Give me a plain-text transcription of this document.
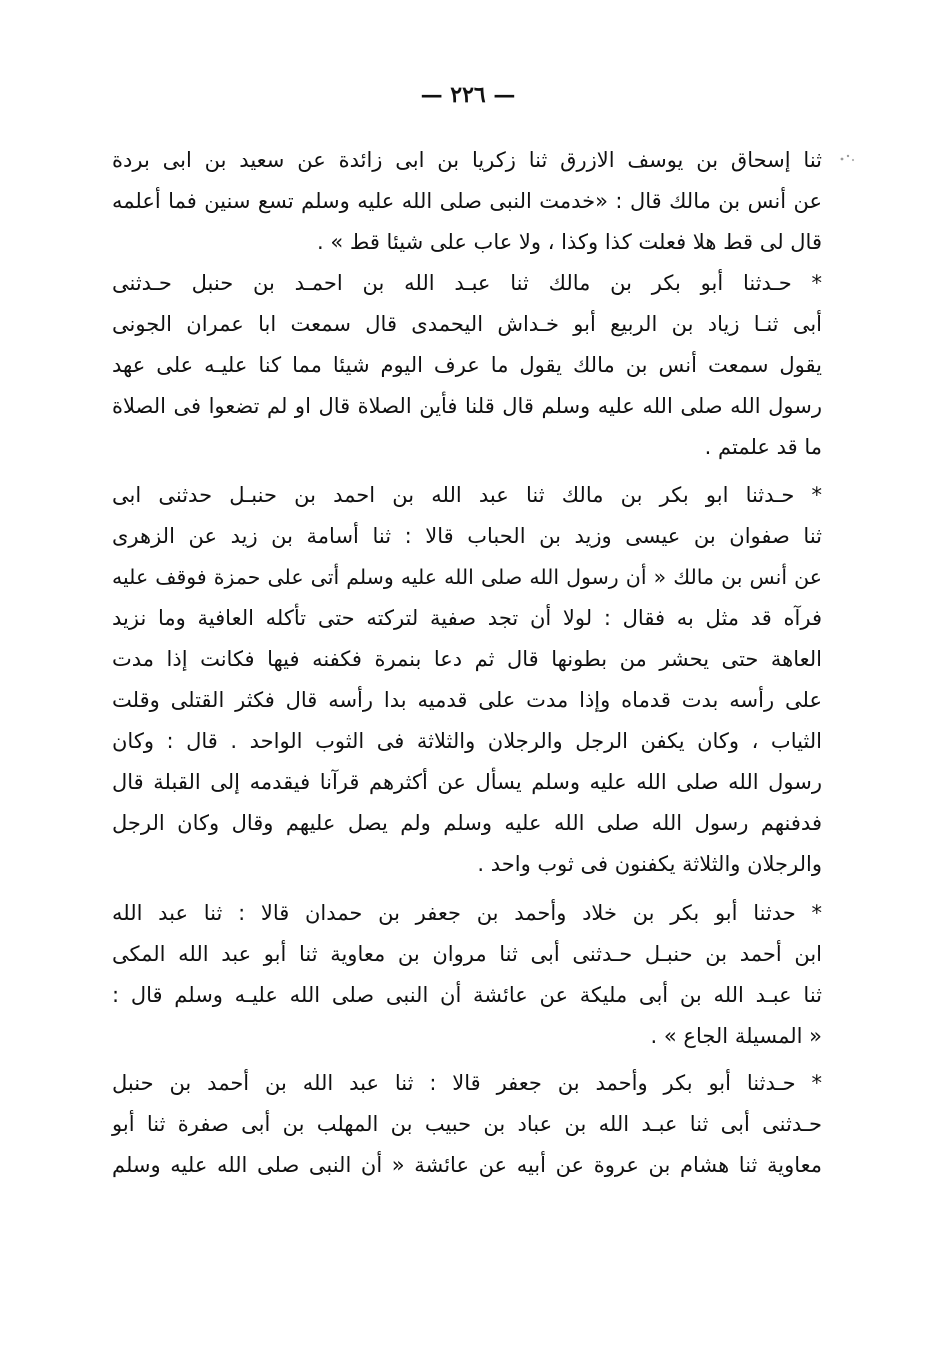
— ٢٢٦ —
ثنا إسحاق بن يوسف الازرق ثنا زكريا بن ابى زائدة عن سعيد بن ابى بردة
عن أنس بن مالك قال : «خدمت النبى صلى الله عليه وسلم تسع سنين فما أعلمه
قال لى قط هلا فعلت كذا وكذا ، ولا عاب على شيئا قط » .
* حـدثنا أبو بكر بن مالك ثنا عبـد الله بن احمـد بن حنبل حـدثنى
أبى ثنـا زياد بن الربيع أبو خـداش اليحمدى قال سمعت ابا عمران الجونى
يقول سمعت أنس بن مالك يقول ما عرف اليوم شيئا مما كنا عليـه على عهد
رسول الله صلى الله عليه وسلم قال قلنا فأين الصلاة قال او لم تضعوا فى الصلاة
ما قد علمتم .
* حـدثنا ابو بكر بن مالك ثنا عبد الله بن احمد بن حنبـل حدثنى ابى
ثنا صفوان بن عيسى وزيد بن الحباب قالا : ثنا أسامة بن زيد عن الزهرى
عن أنس بن مالك « أن رسول الله صلى الله عليه وسلم أتى على حمزة فوقف عليه
فرآه قد مثل به فقال : لولا أن تجد صفية لتركته حتى تأكله العافية وما نزيد
العاهة حتى يحشر من بطونها قال ثم دعا بنمرة فكفنه فيها فكانت إذا مدت
على رأسه بدت قدماه وإذا مدت على قدميه بدا رأسه قال فكثر القتلى وقلت
الثياب ، وكان يكفن الرجل والرجلان والثلاثة فى الثوب الواحد . قال : وكان
رسول الله صلى الله عليه وسلم يسأل عن أكثرهم قرآنا فيقدمه إلى القبلة قال
فدفنهم رسول الله صلى الله عليه وسلم ولم يصل عليهم وقال وكان الرجل
والرجلان والثلاثة يكفنون فى ثوب واحد .
* حدثنا أبو بكر بن خلاد وأحمد بن جعفر بن حمدان قالا : ثنا عبد الله
ابن أحمد بن حنبـل حـدثنى أبى ثنا مروان بن معاوية ثنا أبو عبد الله المكى
ثنا عبـد الله بن أبى مليكة عن عائشة أن النبى صلى الله عليـه وسلم قال :
« المسيلة الجاع » .
* حـدثنا أبو بكر وأحمد بن جعفر قالا : ثنا عبد الله بن أحمد بن حنبل
حـدثنى أبى ثنا عبـد الله بن عباد بن حبيب بن المهلب بن أبى صفرة ثنا أبو
معاوية ثنا هشام بن عروة عن أبيه عن عائشة « أن النبى صلى الله عليه وسلم
